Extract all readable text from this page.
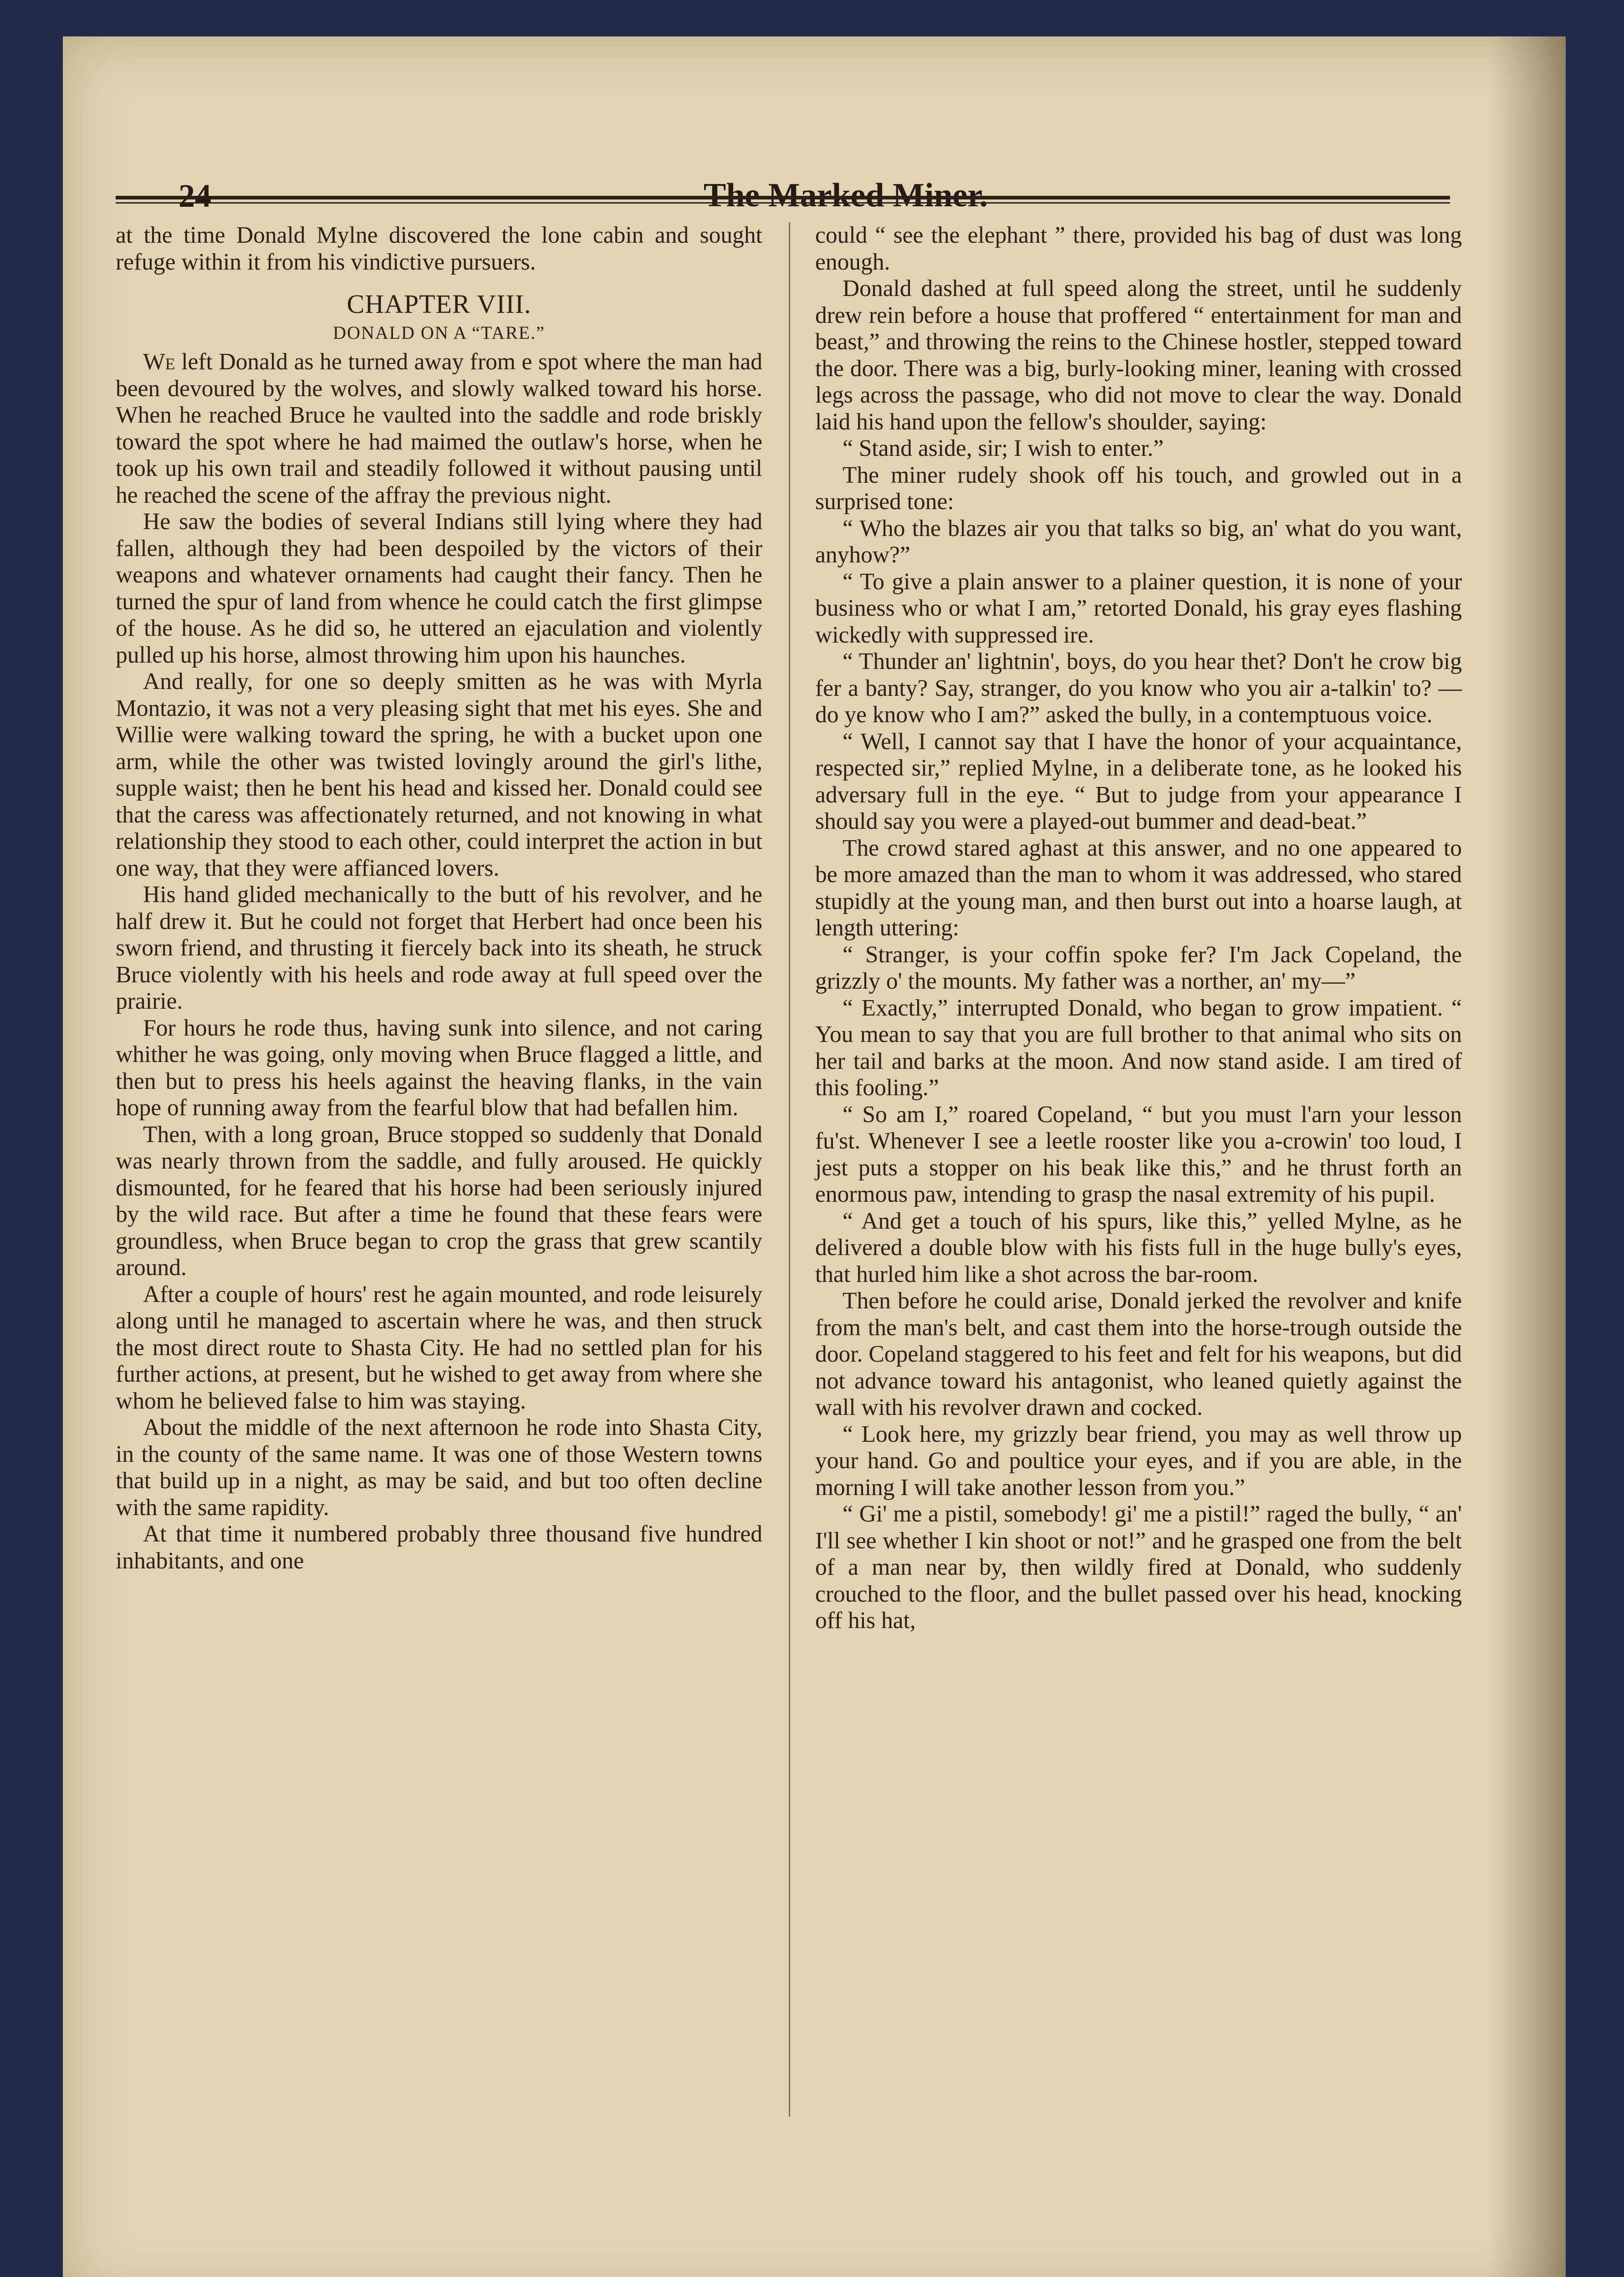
24	The Marked Miner.

at the time Donald Mylne discovered the lone cabin and sought refuge within it from his vindictive pursuers.

CHAPTER VIII.
DONALD ON A “TARE.”

We left Donald as he turned away from e spot where the man had been devoured by the wolves, and slowly walked toward his horse. When he reached Bruce he vaulted into the saddle and rode briskly toward the spot where he had maimed the outlaw's horse, when he took up his own trail and steadily followed it without pausing until he reached the scene of the affray the previous night.

He saw the bodies of several Indians still lying where they had fallen, although they had been despoiled by the victors of their weapons and whatever ornaments had caught their fancy. Then he turned the spur of land from whence he could catch the first glimpse of the house. As he did so, he uttered an ejaculation and violently pulled up his horse, almost throwing him upon his haunches.

And really, for one so deeply smitten as he was with Myrla Montazio, it was not a very pleasing sight that met his eyes. She and Willie were walking toward the spring, he with a bucket upon one arm, while the other was twisted lovingly around the girl's lithe, supple waist; then he bent his head and kissed her. Donald could see that the caress was affectionately returned, and not knowing in what relationship they stood to each other, could interpret the action in but one way, that they were affianced lovers.

His hand glided mechanically to the butt of his revolver, and he half drew it. But he could not forget that Herbert had once been his sworn friend, and thrusting it fiercely back into its sheath, he struck Bruce violently with his heels and rode away at full speed over the prairie.

For hours he rode thus, having sunk into silence, and not caring whither he was going, only moving when Bruce flagged a little, and then but to press his heels against the heaving flanks, in the vain hope of running away from the fearful blow that had befallen him.

Then, with a long groan, Bruce stopped so suddenly that Donald was nearly thrown from the saddle, and fully aroused. He quickly dismounted, for he feared that his horse had been seriously injured by the wild race. But after a time he found that these fears were groundless, when Bruce began to crop the grass that grew scantily around.

After a couple of hours' rest he again mounted, and rode leisurely along until he managed to ascertain where he was, and then struck the most direct route to Shasta City. He had no settled plan for his further actions, at present, but he wished to get away from where she whom he believed false to him was staying.

About the middle of the next afternoon he rode into Shasta City, in the county of the same name. It was one of those Western towns that build up in a night, as may be said, and but too often decline with the same rapidity.

At that time it numbered probably three thousand five hundred inhabitants, and one

could “ see the elephant ” there, provided his bag of dust was long enough.

Donald dashed at full speed along the street, until he suddenly drew rein before a house that proffered “ entertainment for man and beast,” and throwing the reins to the Chinese hostler, stepped toward the door. There was a big, burly-looking miner, leaning with crossed legs across the passage, who did not move to clear the way. Donald laid his hand upon the fellow's shoulder, saying:

“ Stand aside, sir; I wish to enter.”

The miner rudely shook off his touch, and growled out in a surprised tone:

“ Who the blazes air you that talks so big, an' what do you want, anyhow?”

“ To give a plain answer to a plainer question, it is none of your business who or what I am,” retorted Donald, his gray eyes flashing wickedly with suppressed ire.

“ Thunder an' lightnin', boys, do you hear thet? Don't he crow big fer a banty? Say, stranger, do you know who you air a-talkin' to? —do ye know who I am?” asked the bully, in a contemptuous voice.

“ Well, I cannot say that I have the honor of your acquaintance, respected sir,” replied Mylne, in a deliberate tone, as he looked his adversary full in the eye. “ But to judge from your appearance I should say you were a played-out bummer and dead-beat.”

The crowd stared aghast at this answer, and no one appeared to be more amazed than the man to whom it was addressed, who stared stupidly at the young man, and then burst out into a hoarse laugh, at length uttering:

“ Stranger, is your coffin spoke fer? I'm Jack Copeland, the grizzly o' the mounts. My father was a norther, an' my—”

“ Exactly,” interrupted Donald, who began to grow impatient. “ You mean to say that you are full brother to that animal who sits on her tail and barks at the moon. And now stand aside. I am tired of this fooling.”

“ So am I,” roared Copeland, “ but you must l'arn your lesson fu'st. Whenever I see a leetle rooster like you a-crowin' too loud, I jest puts a stopper on his beak like this,” and he thrust forth an enormous paw, intending to grasp the nasal extremity of his pupil.

“ And get a touch of his spurs, like this,” yelled Mylne, as he delivered a double blow with his fists full in the huge bully's eyes, that hurled him like a shot across the bar-room.

Then before he could arise, Donald jerked the revolver and knife from the man's belt, and cast them into the horse-trough outside the door. Copeland staggered to his feet and felt for his weapons, but did not advance toward his antagonist, who leaned quietly against the wall with his revolver drawn and cocked.

“ Look here, my grizzly bear friend, you may as well throw up your hand. Go and poultice your eyes, and if you are able, in the morning I will take another lesson from you.”

“ Gi' me a pistil, somebody! gi' me a pistil!” raged the bully, “ an' I'll see whether I kin shoot or not!” and he grasped one from the belt of a man near by, then wildly fired at Donald, who suddenly crouched to the floor, and the bullet passed over his head, knocking off his hat,
